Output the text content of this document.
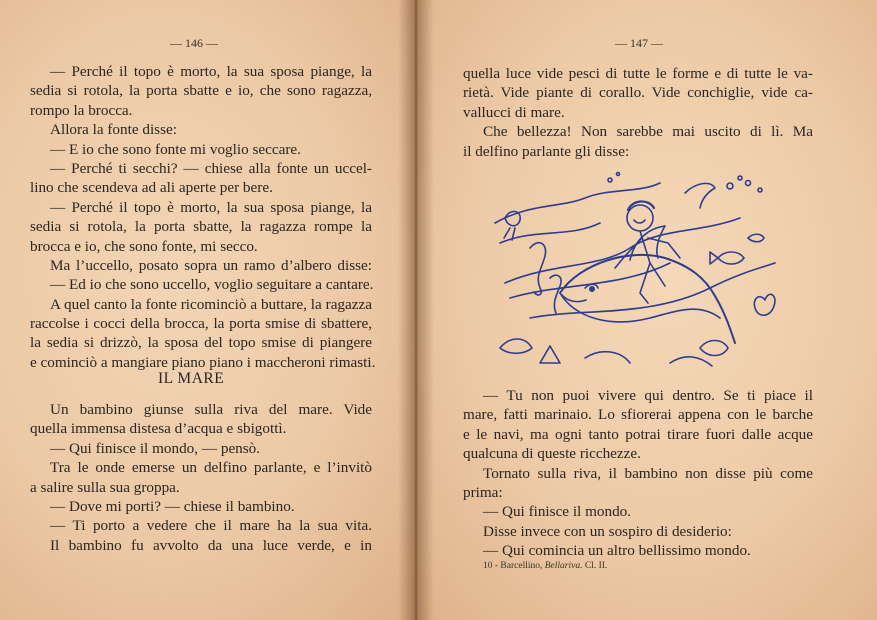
— 146 —
— Perché il topo è morto, la sua sposa piange, la
sedia si rotola, la porta sbatte e io, che sono ragazza,
rompo la brocca.
Allora la fonte disse:
— E io che sono fonte mi voglio seccare.
— Perché ti secchi? — chiese alla fonte un uccel-
lino che scendeva ad ali aperte per bere.
— Perché il topo è morto, la sua sposa piange, la
sedia si rotola, la porta sbatte, la ragazza rompe la
brocca e io, che sono fonte, mi secco.
Ma l’uccello, posato sopra un ramo d’albero disse:
— Ed io che sono uccello, voglio seguitare a cantare.
A quel canto la fonte ricominciò a buttare, la ragazza
raccolse i cocci della brocca, la porta smise di sbattere,
la sedia si drizzò, la sposa del topo smise di piangere
e cominciò a mangiare piano piano i maccheroni rimasti.
IL MARE
Un bambino giunse sulla riva del mare. Vide
quella immensa distesa d’acqua e sbigottì.
— Qui finisce il mondo, — pensò.
Tra le onde emerse un delfino parlante, e l’invitò
a salire sulla sua groppa.
— Dove mi porti? — chiese il bambino.
— Ti porto a vedere che il mare ha la sua vita.
Il bambino fu avvolto da una luce verde, e in
— 147 —
quella luce vide pesci di tutte le forme e di tutte le va-
rietà. Vide piante di corallo. Vide conchiglie, vide ca-
vallucci di mare.
Che bellezza! Non sarebbe mai uscito di lì. Ma
il delfino parlante gli disse:
— Tu non puoi vivere qui dentro. Se ti piace il
mare, fatti marinaio. Lo sfiorerai appena con le barche
e le navi, ma ogni tanto potrai tirare fuori dalle acque
qualcuna di queste ricchezze.
Tornato sulla riva, il bambino non disse più come
prima:
— Qui finisce il mondo.
Disse invece con un sospiro di desiderio:
— Qui comincia un altro bellissimo mondo.
10 - Barcellino, Bellariva. Cl. II.
